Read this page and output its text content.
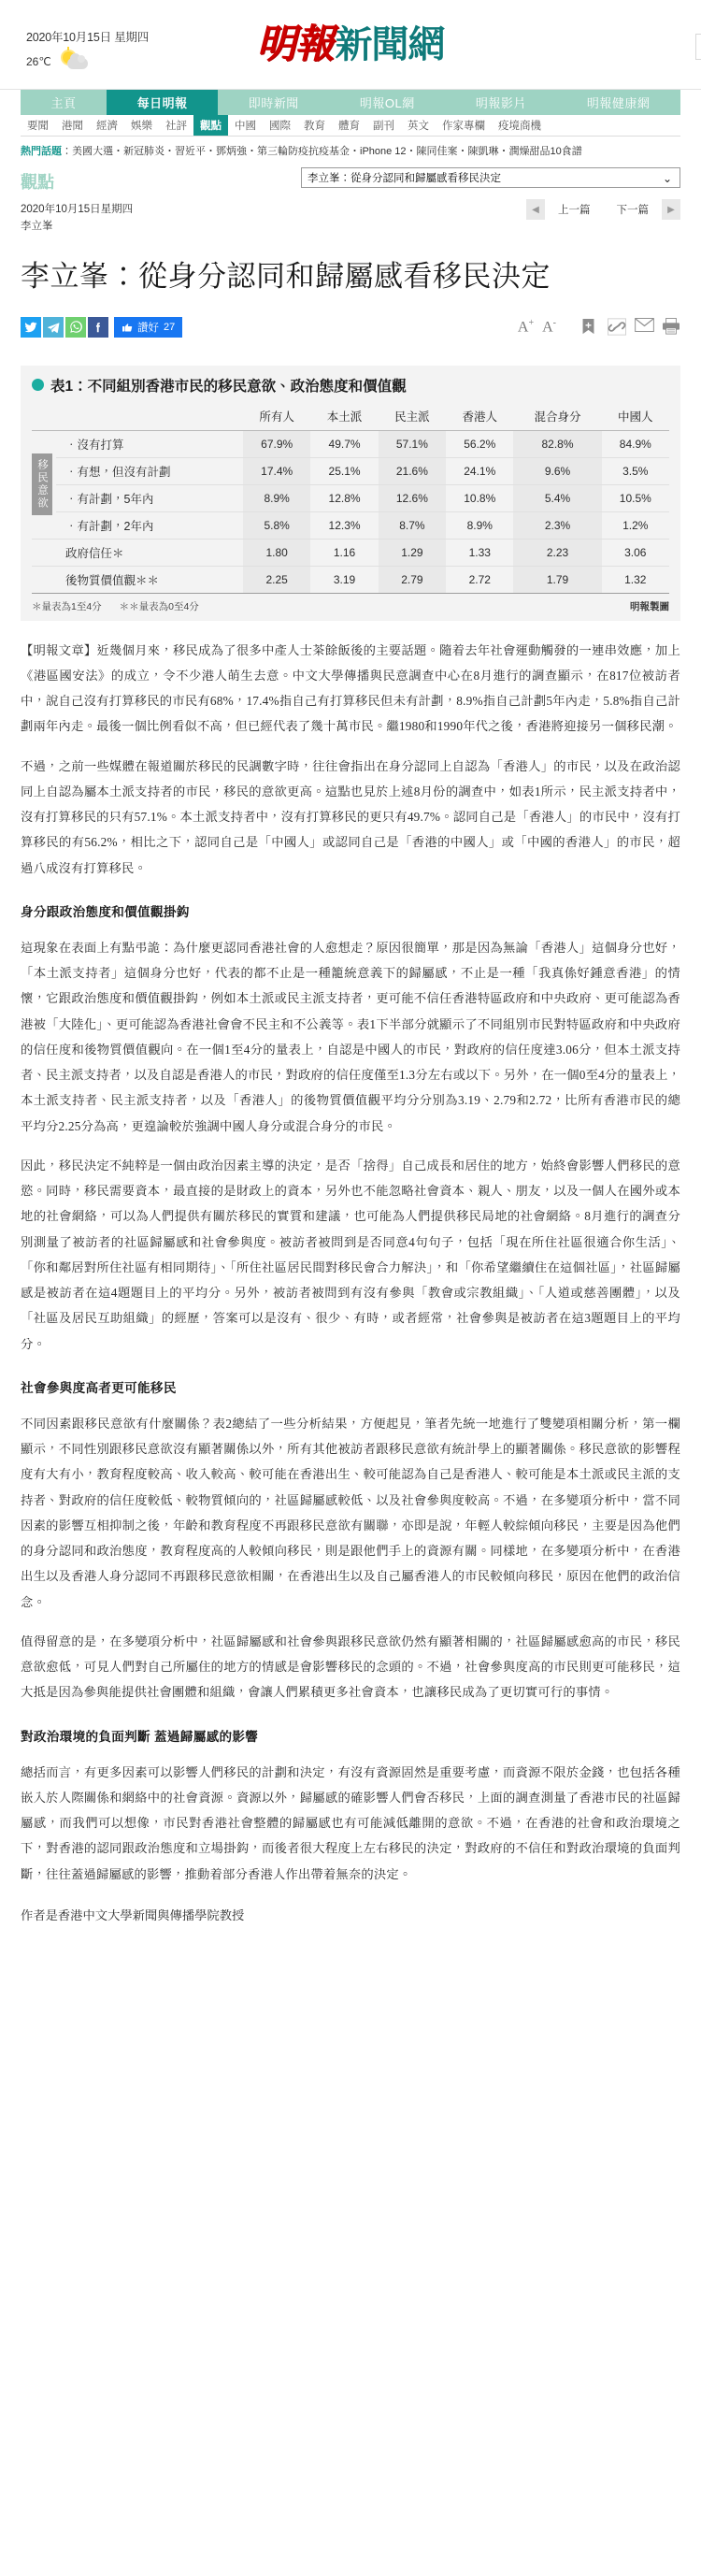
2020年10月15日 星期四
26℃	明報 新聞網
主頁	每日明報	即時新聞	明報OL網	明報影片	明報健康網
要聞	港聞	經濟	娛樂	社評	觀點	中國	國際	教育	體育	副刊	英文	作家專欄	疫境商機
熱門話題：美國大選・新冠肺炎・習近平・鄧炳強・第三輪防疫抗疫基金・iPhone 12・陳同佳案・陳凱琳・潤燥甜品10食譜
觀點	李立峯：從身分認同和歸屬感看移民決定	⌄
2020年10月15日星期四
李立峯
◀	上一篇	下一篇	▶
李立峯：從身分認同和歸屬感看移民決定
讚好 27	A+ A-
表1：不同組別香港市民的移民意欲、政治態度和價值觀
		所有人	本土派	民主派	香港人	混合身分	中國人

移民意欲	‧沒有打算	67.9%	49.7%	57.1%	56.2%	82.8%	84.9%
	‧有想，但沒有計劃	17.4%	25.1%	21.6%	24.1%	9.6%	3.5%
	‧有計劃，5年內	8.9%	12.8%	12.6%	10.8%	5.4%	10.5%
	‧有計劃，2年內	5.8%	12.3%	8.7%	8.9%	2.3%	1.2%
	政府信任＊	1.80	1.16	1.29	1.33	2.23	3.06
	後物質價值觀＊＊	2.25	3.19	2.79	2.72	1.79	1.32
＊量表為1至4分 ＊＊量表為0至4分	明報製圖

【明報文章】近幾個月來，移民成為了很多中產人士茶餘飯後的主要話題。隨着去年社會運動觸發的一連串效應，加上《港區國安法》的成立，令不少港人萌生去意。中文大學傳播與民意調查中心在8月進行的調查顯示，在817位被訪者中，說自己沒有打算移民的市民有68%，17.4%指自己有打算移民但未有計劃，8.9%指自己計劃5年內走，5.8%指自己計劃兩年內走。最後一個比例看似不高，但已經代表了幾十萬市民。繼1980和1990年代之後，香港將迎接另一個移民潮。

不過，之前一些媒體在報道關於移民的民調數字時，往往會指出在身分認同上自認為「香港人」的市民，以及在政治認同上自認為屬本土派支持者的市民，移民的意欲更高。這點也見於上述8月份的調查中，如表1所示，民主派支持者中，沒有打算移民的只有57.1%。本土派支持者中，沒有打算移民的更只有49.7%。認同自己是「香港人」的市民中，沒有打算移民的有56.2%，相比之下，認同自己是「中國人」或認同自己是「香港的中國人」或「中國的香港人」的市民，超過八成沒有打算移民。

身分跟政治態度和價值觀掛鈎

這現象在表面上有點弔詭：為什麼更認同香港社會的人愈想走？原因很簡單，那是因為無論「香港人」這個身分也好，「本土派支持者」這個身分也好，代表的都不止是一種籠統意義下的歸屬感，不止是一種「我真係好鍾意香港」的情懷，它跟政治態度和價值觀掛鈎，例如本土派或民主派支持者，更可能不信任香港特區政府和中央政府、更可能認為香港被「大陸化」、更可能認為香港社會會不民主和不公義等。表1下半部分就顯示了不同組別市民對特區政府和中央政府的信任度和後物質價值觀向。在一個1至4分的量表上，自認是中國人的市民，對政府的信任度達3.06分，但本土派支持者、民主派支持者，以及自認是香港人的市民，對政府的信任度僅至1.3分左右或以下。另外，在一個0至4分的量表上，本土派支持者、民主派支持者，以及「香港人」的後物質價值觀平均分分別為3.19、2.79和2.72，比所有香港市民的總平均分2.25分為高，更遑論較於強調中國人身分或混合身分的市民。

因此，移民決定不純粹是一個由政治因素主導的決定，是否「捨得」自己成長和居住的地方，始終會影響人們移民的意慾。同時，移民需要資本，最直接的是財政上的資本，另外也不能忽略社會資本、親人、朋友，以及一個人在國外或本地的社會網絡，可以為人們提供有關於移民的實質和建議，也可能為人們提供移民局地的社會網絡。8月進行的調查分別測量了被訪者的社區歸屬感和社會參與度。被訪者被問到是否同意4句句子，包括「現在所住社區很適合你生活」、「你和鄰居對所住社區有相同期待」、「所住社區居民間對移民會合力解決」，和「你希望繼續住在這個社區」，社區歸屬感是被訪者在這4題題目上的平均分。另外，被訪者被問到有沒有參與「教會或宗教組織」、「人道或慈善團體」，以及「社區及居民互助組織」的經歷，答案可以是沒有、很少、有時，或者經常，社會參與是被訪者在這3題題目上的平均分。

社會參與度高者更可能移民

不同因素跟移民意欲有什麼關係？表2總結了一些分析結果，方便起見，筆者先統一地進行了雙變項相關分析，第一欄顯示，不同性別跟移民意欲沒有顯著關係以外，所有其他被訪者跟移民意欲有統計學上的顯著關係。移民意欲的影響程度有大有小，教育程度較高、收入較高、較可能在香港出生、較可能認為自己是香港人、較可能是本土派或民主派的支持者、對政府的信任度較低、較物質傾向的，社區歸屬感較低、以及社會參與度較高。不過，在多變項分析中，當不同因素的影響互相抑制之後，年齡和教育程度不再跟移民意欲有關聯，亦即是說，年輕人較綜傾向移民，主要是因為他們的身分認同和政治態度，教育程度高的人較傾向移民，則是跟他們手上的資源有關。同樣地，在多變項分析中，在香港出生以及香港人身分認同不再跟移民意欲相關，在香港出生以及自己屬香港人的市民較傾向移民，原因在他們的政治信念。

值得留意的是，在多變項分析中，社區歸屬感和社會參與跟移民意欲仍然有顯著相關的，社區歸屬感愈高的市民，移民意欲愈低，可見人們對自己所屬住的地方的情感是會影響移民的念頭的。不過，社會參與度高的市民則更可能移民，這大抵是因為參與能提供社會團體和組織，會讓人們累積更多社會資本，也讓移民成為了更切實可行的事情。

對政治環境的負面判斷 蓋過歸屬感的影響

總括而言，有更多因素可以影響人們移民的計劃和決定，有沒有資源固然是重要考慮，而資源不限於金錢，也包括各種嵌入於人際關係和網絡中的社會資源。資源以外，歸屬感的確影響人們會否移民，上面的調查測量了香港市民的社區歸屬感，而我們可以想像，市民對香港社會整體的歸屬感也有可能減低離開的意欲。不過，在香港的社會和政治環境之下，對香港的認同跟政治態度和立場掛鈎，而後者很大程度上左右移民的決定，對政府的不信任和對政治環境的負面判斷，往往蓋過歸屬感的影響，推動着部分香港人作出帶着無奈的決定。

作者是香港中文大學新聞與傳播學院教授
